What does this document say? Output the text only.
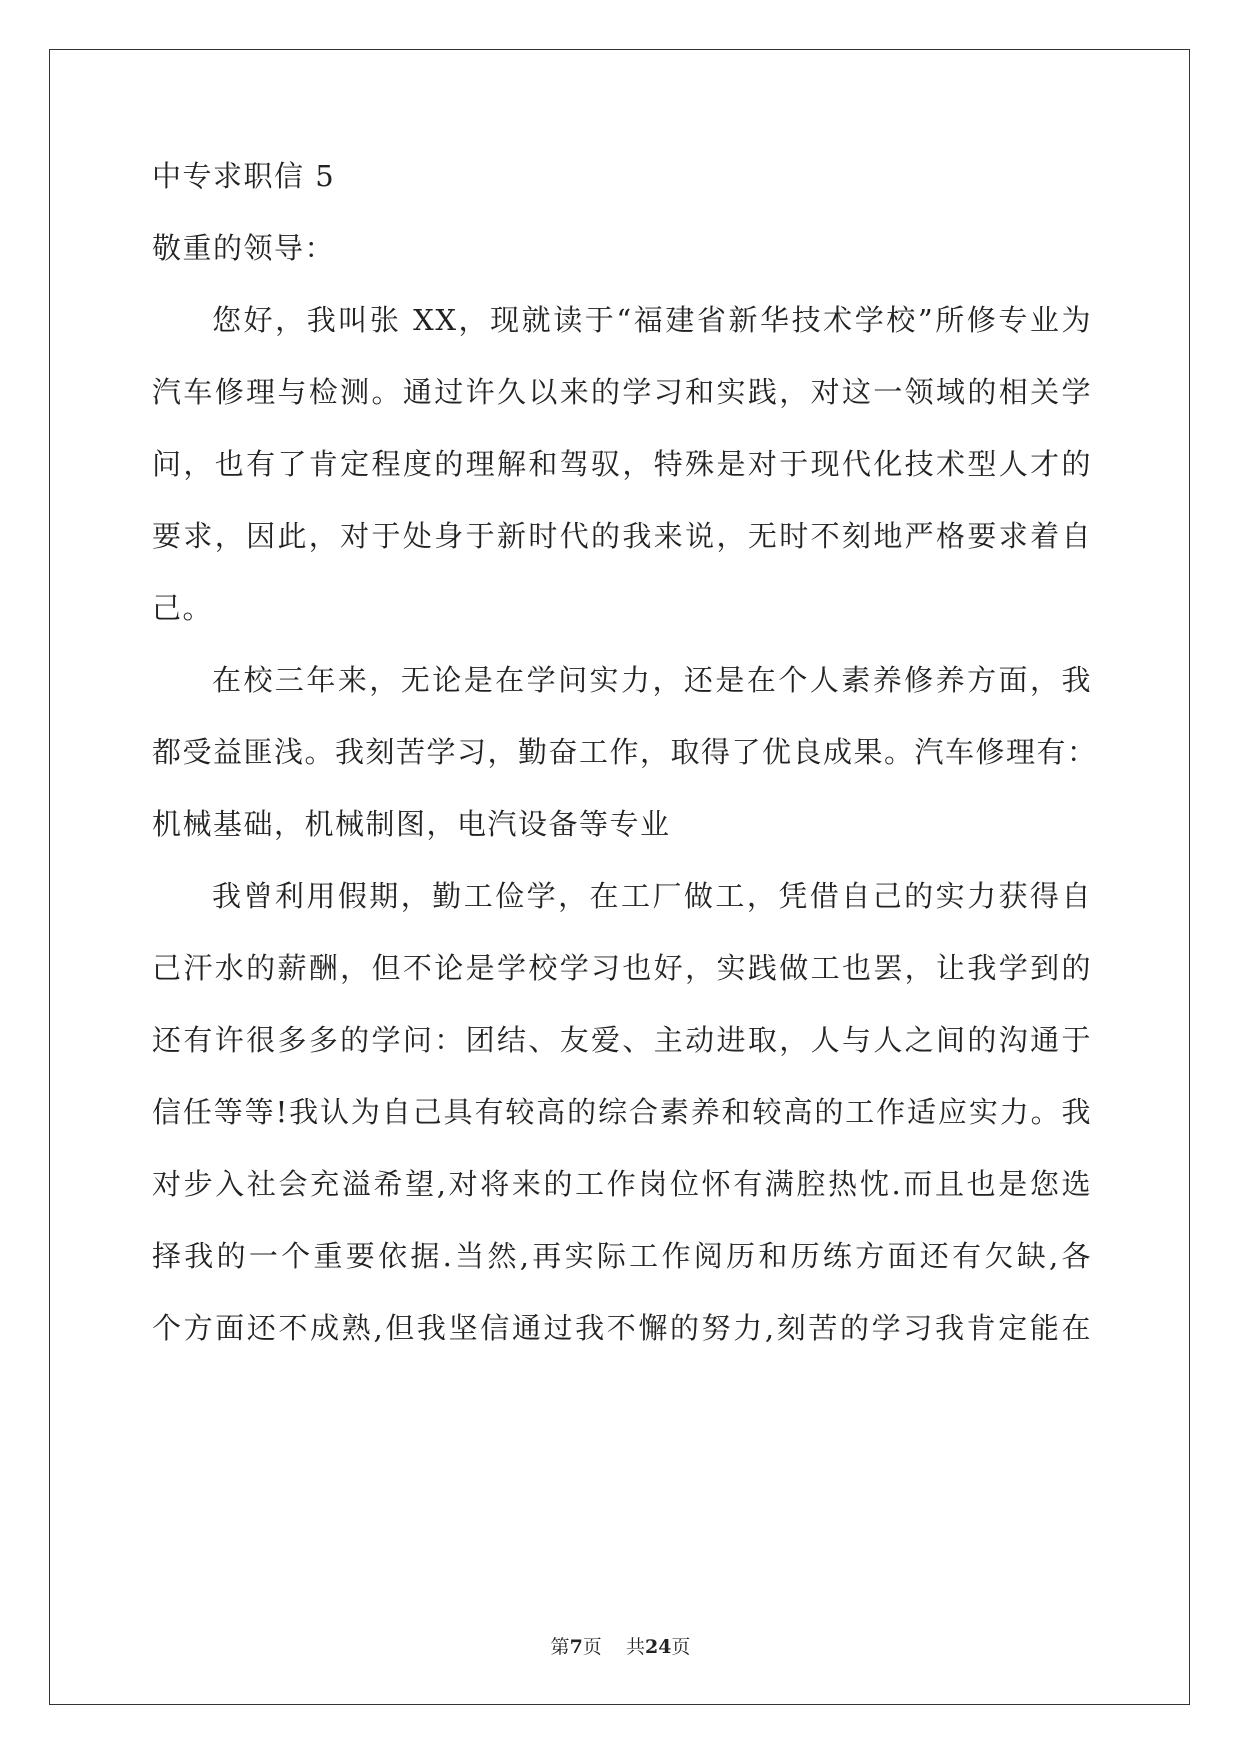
中专求职信 5
敬重的领导：
您好，我叫张 XX，现就读于“福建省新华技术学校”所修专业为
汽车修理与检测。通过许久以来的学习和实践，对这一领域的相关学
问，也有了肯定程度的理解和驾驭，特殊是对于现代化技术型人才的
要求，因此，对于处身于新时代的我来说，无时不刻地严格要求着自
己。
在校三年来，无论是在学问实力，还是在个人素养修养方面，我
都受益匪浅。我刻苦学习，勤奋工作，取得了优良成果。汽车修理有：
机械基础，机械制图，电汽设备等专业
我曾利用假期，勤工俭学，在工厂做工，凭借自己的实力获得自
己汗水的薪酬，但不论是学校学习也好，实践做工也罢，让我学到的
还有许很多多的学问：团结、友爱、主动进取，人与人之间的沟通于
信任等等!我认为自己具有较高的综合素养和较高的工作适应实力。我
对步入社会充溢希望,对将来的工作岗位怀有满腔热忱.而且也是您选
择我的一个重要依据.当然,再实际工作阅历和历练方面还有欠缺,各
个方面还不成熟,但我坚信通过我不懈的努力,刻苦的学习我肯定能在
第7页    共24页
